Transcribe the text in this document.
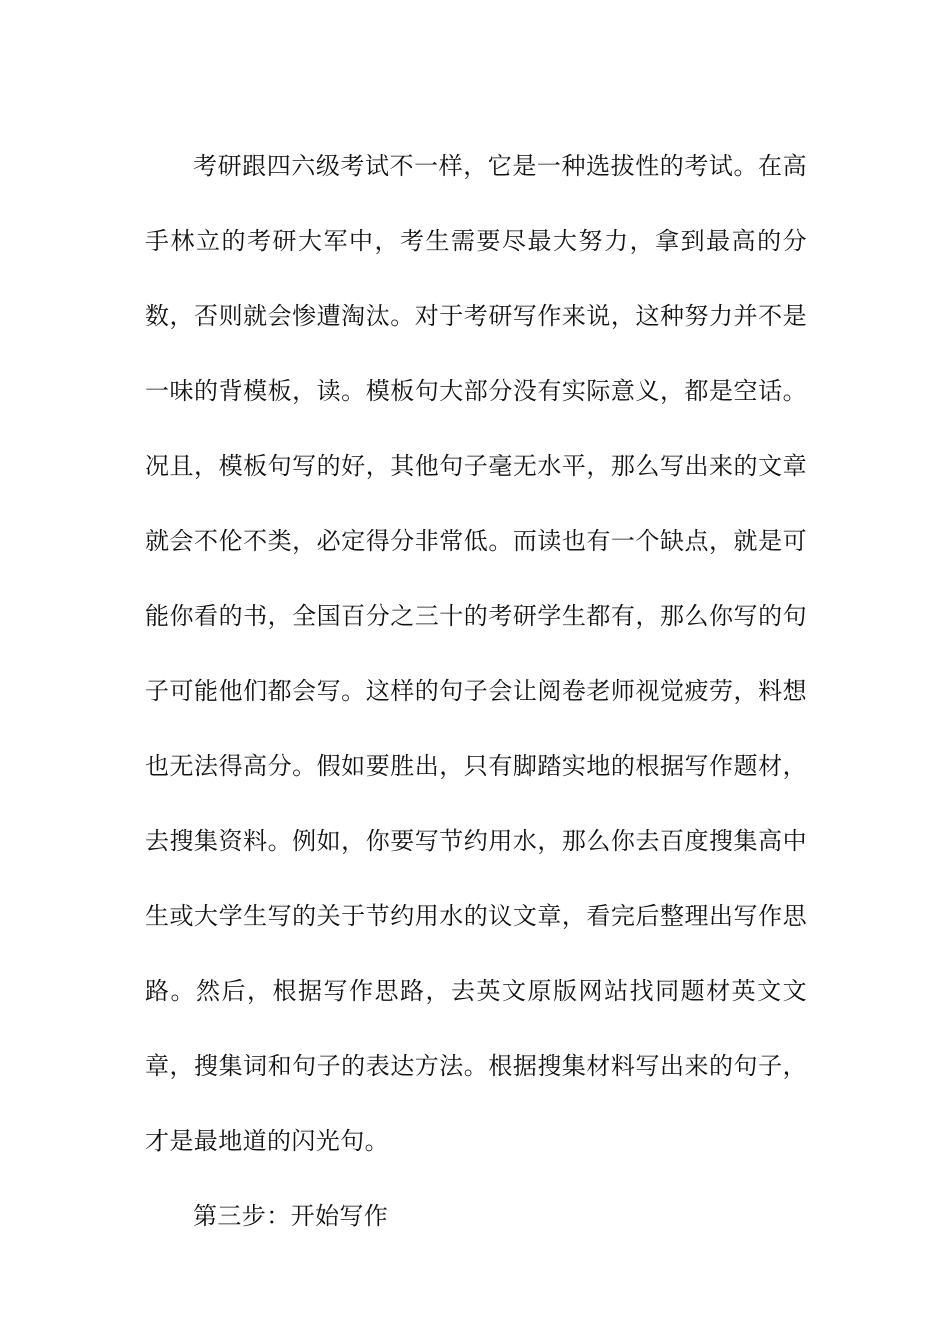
考研跟四六级考试不一样，它是一种选拔性的考试。在高手林立的考研大军中，考生需要尽最大努力，拿到最高的分数，否则就会惨遭淘汰。对于考研写作来说，这种努力并不是一味的背模板，读。模板句大部分没有实际意义，都是空话。况且，模板句写的好，其他句子毫无水平，那么写出来的文章就会不伦不类，必定得分非常低。而读也有一个缺点，就是可能你看的书，全国百分之三十的考研学生都有，那么你写的句子可能他们都会写。这样的句子会让阅卷老师视觉疲劳，料想也无法得高分。假如要胜出，只有脚踏实地的根据写作题材，去搜集资料。例如，你要写节约用水，那么你去百度搜集高中生或大学生写的关于节约用水的议文章，看完后整理出写作思路。然后，根据写作思路，去英文原版网站找同题材英文文章，搜集词和句子的表达方法。根据搜集材料写出来的句子，才是最地道的闪光句。

第三步：开始写作
